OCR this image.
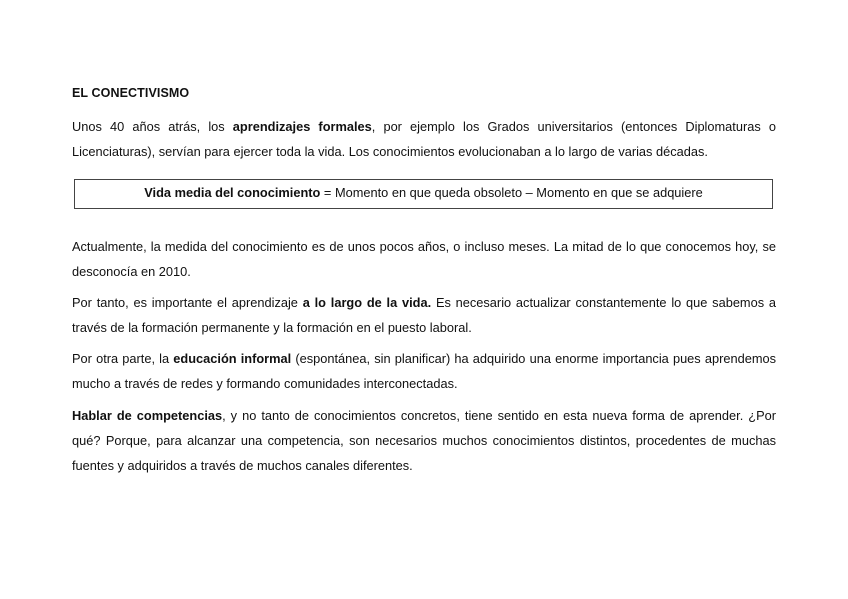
EL CONECTIVISMO

Unos 40 años atrás, los aprendizajes formales, por ejemplo los Grados universitarios (entonces Diplomaturas o Licenciaturas), servían para ejercer toda la vida. Los conocimientos evolucionaban a lo largo de varias décadas.

Vida media del conocimiento = Momento en que queda obsoleto – Momento en que se adquiere

Actualmente, la medida del conocimiento es de unos pocos años, o incluso meses. La mitad de lo que conocemos hoy, se desconocía en 2010.

Por tanto, es importante el aprendizaje a lo largo de la vida. Es necesario actualizar constantemente lo que sabemos a través de la formación permanente y la formación en el puesto laboral.

Por otra parte, la educación informal (espontánea, sin planificar) ha adquirido una enorme importancia pues aprendemos mucho a través de redes y formando comunidades interconectadas.

Hablar de competencias, y no tanto de conocimientos concretos, tiene sentido en esta nueva forma de aprender. ¿Por qué? Porque, para alcanzar una competencia, son necesarios muchos conocimientos distintos, procedentes de muchas fuentes y adquiridos a través de muchos canales diferentes.
